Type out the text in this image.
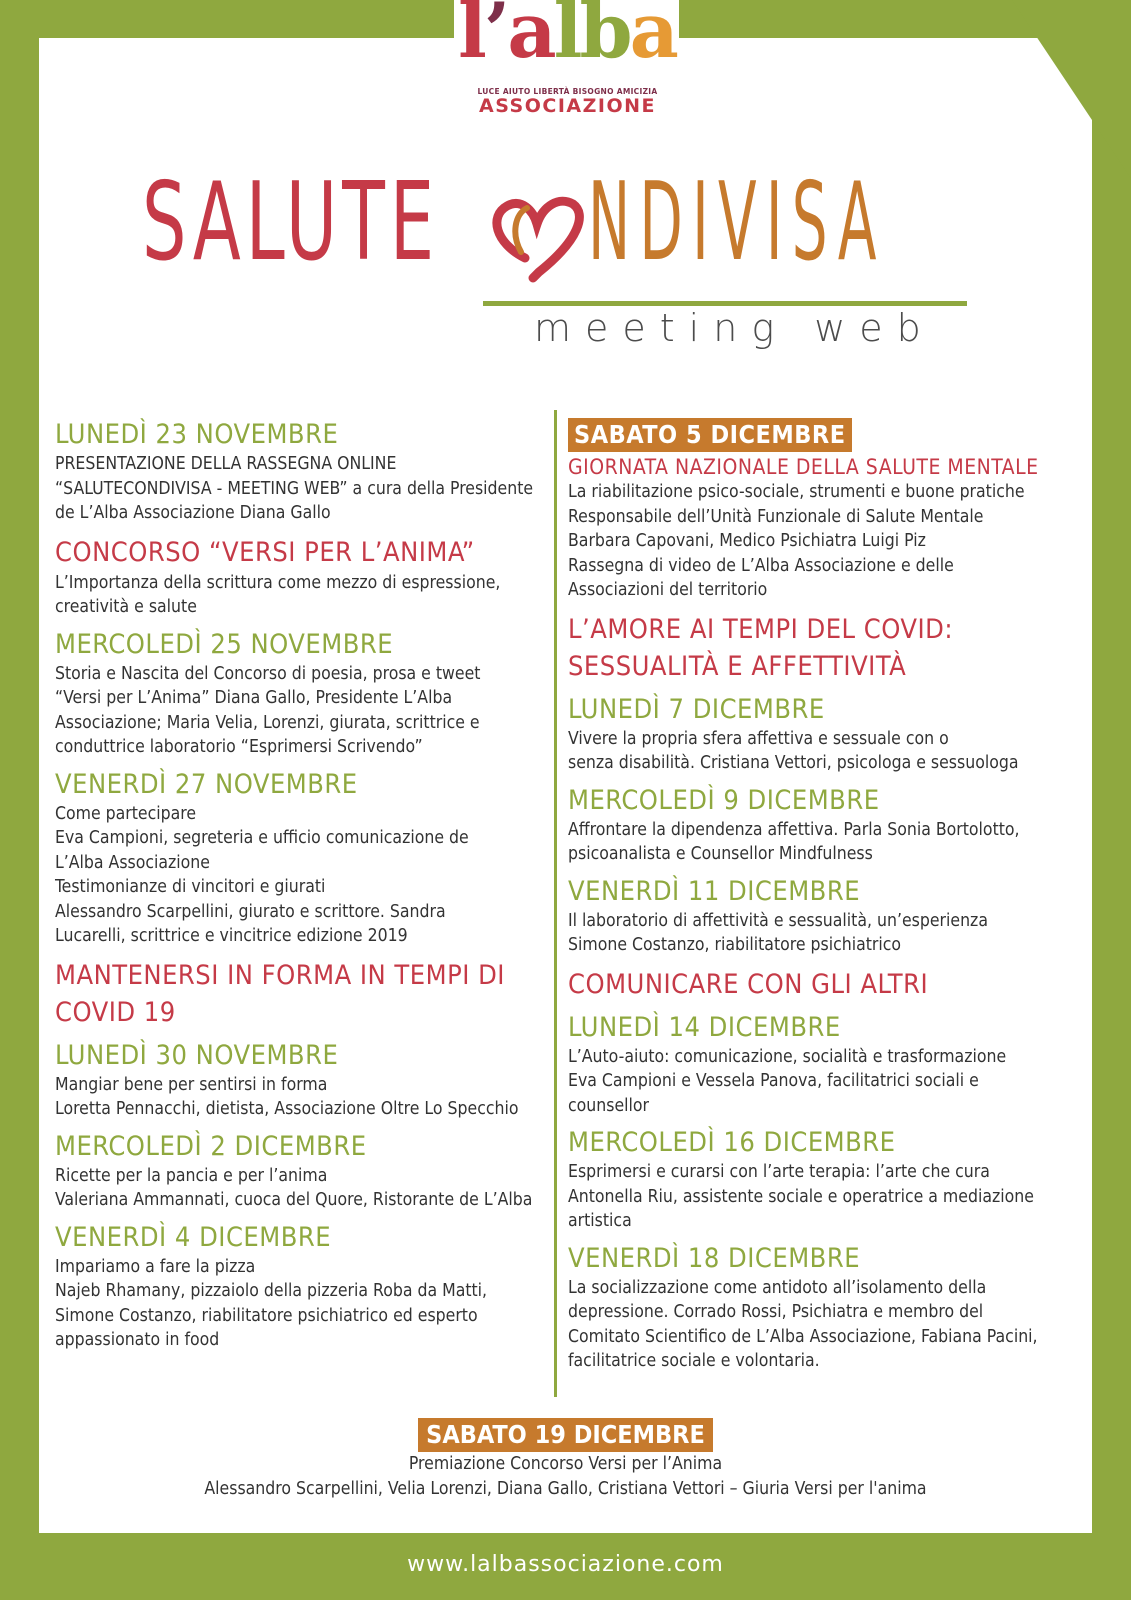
PROGRAMMA
l’alba
LUCE AIUTO LIBERTÀ BISOGNO AMICIZIA
ASSOCIAZIONE
SALUTE NDIVISA
meeting web
LUNEDÌ 23 NOVEMBRE
PRESENTAZIONE DELLA RASSEGNA ONLINE
“SALUTECONDIVISA - MEETING WEB” a cura della Presidente
de L’Alba Associazione Diana Gallo
CONCORSO “VERSI PER L’ANIMA”
L’Importanza della scrittura come mezzo di espressione,
creatività e salute
MERCOLEDÌ 25 NOVEMBRE
Storia e Nascita del Concorso di poesia, prosa e tweet
“Versi per L’Anima” Diana Gallo, Presidente L’Alba
Associazione; Maria Velia, Lorenzi, giurata, scrittrice e
conduttrice laboratorio “Esprimersi Scrivendo”
VENERDÌ 27 NOVEMBRE
Come partecipare
Eva Campioni, segreteria e ufficio comunicazione de
L’Alba Associazione
Testimonianze di vincitori e giurati
Alessandro Scarpellini, giurato e scrittore. Sandra
Lucarelli, scrittrice e vincitrice edizione 2019
MANTENERSI IN FORMA IN TEMPI DI COVID 19
LUNEDÌ 30 NOVEMBRE
Mangiar bene per sentirsi in forma
Loretta Pennacchi, dietista, Associazione Oltre Lo Specchio
MERCOLEDÌ 2 DICEMBRE
Ricette per la pancia e per l’anima
Valeriana Ammannati, cuoca del Quore, Ristorante de L’Alba
VENERDÌ 4 DICEMBRE
Impariamo a fare la pizza
Najeb Rhamany, pizzaiolo della pizzeria Roba da Matti,
Simone Costanzo, riabilitatore psichiatrico ed esperto
appassionato in food
SABATO 5 DICEMBRE
GIORNATA NAZIONALE DELLA SALUTE MENTALE
La riabilitazione psico-sociale, strumenti e buone pratiche
Responsabile dell’Unità Funzionale di Salute Mentale
Barbara Capovani, Medico Psichiatra Luigi Piz
Rassegna di video de L’Alba Associazione e delle
Associazioni del territorio
L’AMORE AI TEMPI DEL COVID: SESSUALITÀ E AFFETTIVITÀ
LUNEDÌ 7 DICEMBRE
Vivere la propria sfera affettiva e sessuale con o
senza disabilità. Cristiana Vettori, psicologa e sessuologa
MERCOLEDÌ 9 DICEMBRE
Affrontare la dipendenza affettiva. Parla Sonia Bortolotto,
psicoanalista e Counsellor Mindfulness
VENERDÌ 11 DICEMBRE
Il laboratorio di affettività e sessualità, un’esperienza
Simone Costanzo, riabilitatore psichiatrico
COMUNICARE CON GLI ALTRI
LUNEDÌ 14 DICEMBRE
L’Auto-aiuto: comunicazione, socialità e trasformazione
Eva Campioni e Vessela Panova, facilitatrici sociali e
counsellor
MERCOLEDÌ 16 DICEMBRE
Esprimersi e curarsi con l’arte terapia: l’arte che cura
Antonella Riu, assistente sociale e operatrice a mediazione
artistica
VENERDÌ 18 DICEMBRE
La socializzazione come antidoto all’isolamento della
depressione. Corrado Rossi, Psichiatra e membro del
Comitato Scientifico de L’Alba Associazione, Fabiana Pacini,
facilitatrice sociale e volontaria.
SABATO 19 DICEMBRE
Premiazione Concorso Versi per l’Anima
Alessandro Scarpellini, Velia Lorenzi, Diana Gallo, Cristiana Vettori – Giuria Versi per l'anima
www.lalbassociazione.com
